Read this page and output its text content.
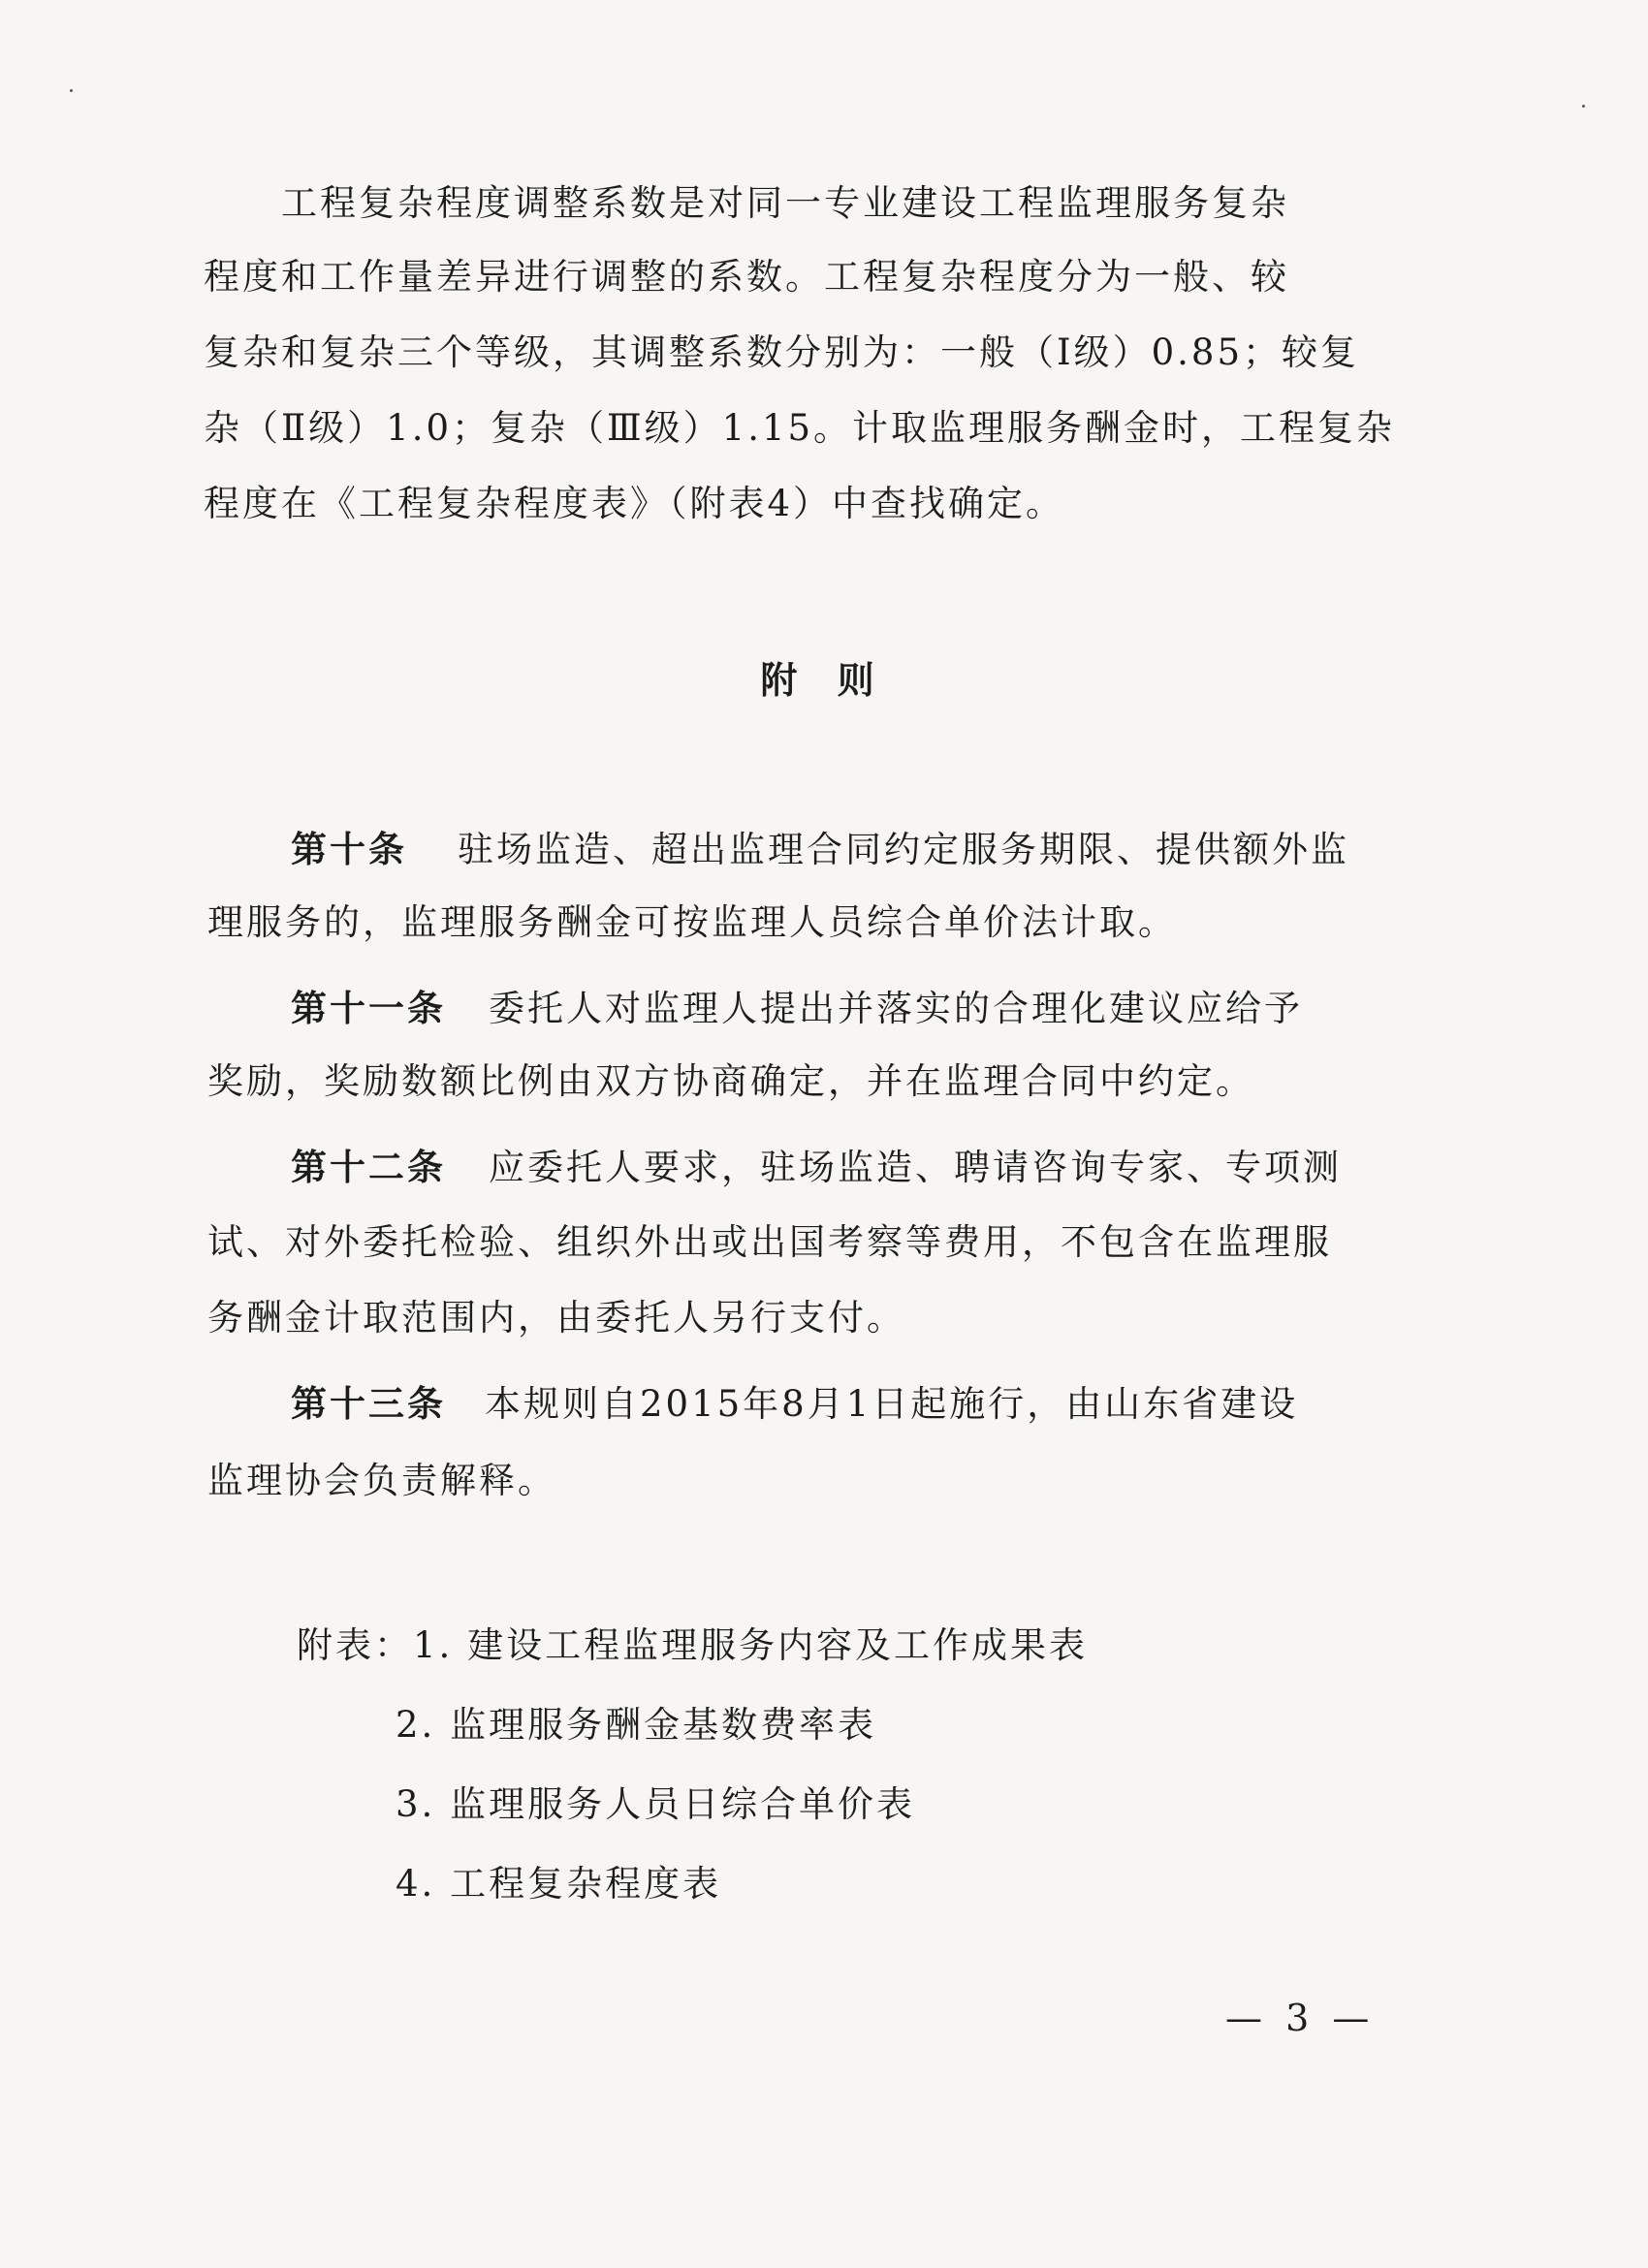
工程复杂程度调整系数是对同一专业建设工程监理服务复杂
程度和工作量差异进行调整的系数。工程复杂程度分为一般、较
复杂和复杂三个等级，其调整系数分别为：一般（Ⅰ级）0.85；较复
杂（Ⅱ级）1.0；复杂（Ⅲ级）1.15。计取监理服务酬金时，工程复杂
程度在《工程复杂程度表》（附表4）中查找确定。
附 则
第十条 驻场监造、超出监理合同约定服务期限、提供额外监
理服务的，监理服务酬金可按监理人员综合单价法计取。
第十一条 委托人对监理人提出并落实的合理化建议应给予
奖励，奖励数额比例由双方协商确定，并在监理合同中约定。
第十二条 应委托人要求，驻场监造、聘请咨询专家、专项测
试、对外委托检验、组织外出或出国考察等费用，不包含在监理服
务酬金计取范围内，由委托人另行支付。
第十三条 本规则自2015年8月1日起施行，由山东省建设
监理协会负责解释。
附表：1. 建设工程监理服务内容及工作成果表
2. 监理服务酬金基数费率表
3. 监理服务人员日综合单价表
4. 工程复杂程度表
— 3 —
